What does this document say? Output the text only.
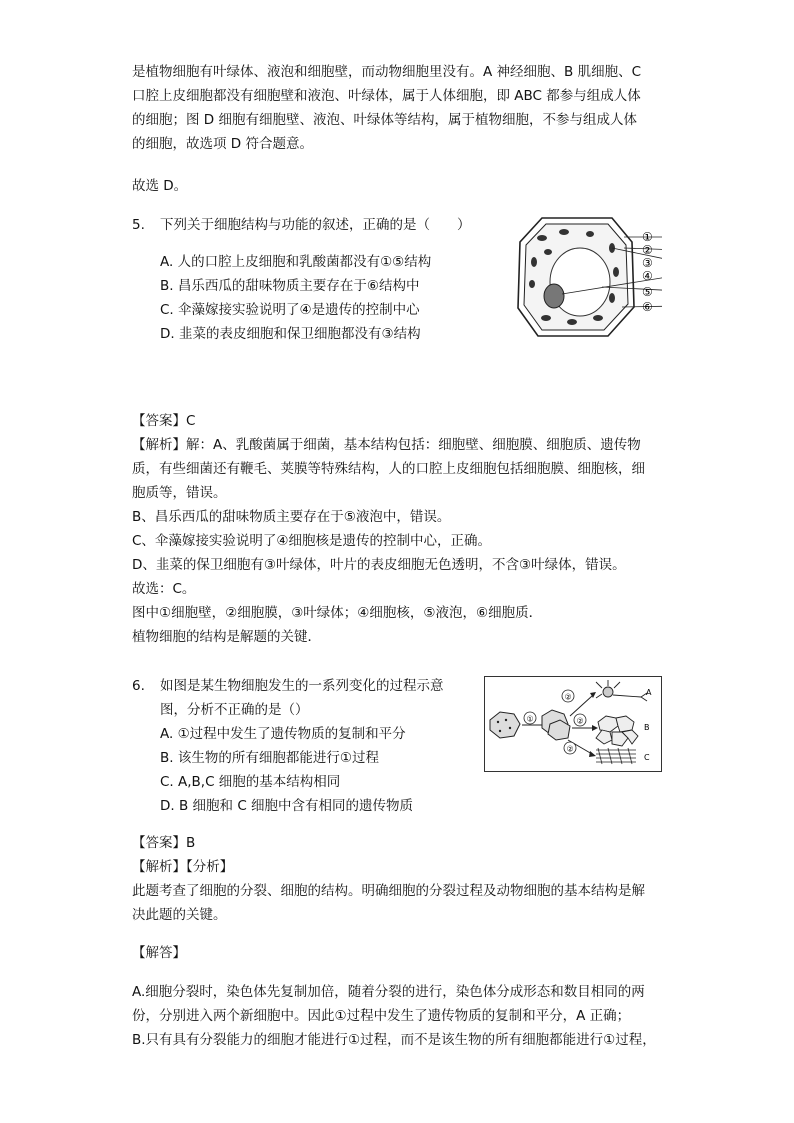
是植物细胞有叶绿体、液泡和细胞壁，而动物细胞里没有。A 神经细胞、B 肌细胞、C
口腔上皮细胞都没有细胞壁和液泡、叶绿体，属于人体细胞，即 ABC 都参与组成人体
的细胞；图 D 细胞有细胞壁、液泡、叶绿体等结构，属于植物细胞，不参与组成人体
的细胞，故选项 D 符合题意。
故选 D。
5. 下列关于细胞结构与功能的叙述，正确的是（　　）
A. 人的口腔上皮细胞和乳酸菌都没有①⑤结构
B. 昌乐西瓜的甜味物质主要存在于⑥结构中
C. 伞藻嫁接实验说明了④是遗传的控制中心
D. 韭菜的表皮细胞和保卫细胞都没有③结构
①
②
③
④
⑤
⑥
【答案】C
【解析】解：A、乳酸菌属于细菌，基本结构包括：细胞壁、细胞膜、细胞质、遗传物
质，有些细菌还有鞭毛、荚膜等特殊结构，人的口腔上皮细胞包括细胞膜、细胞核，细
胞质等，错误。
B、昌乐西瓜的甜味物质主要存在于⑤液泡中，错误。
C、伞藻嫁接实验说明了④细胞核是遗传的控制中心，正确。
D、韭菜的保卫细胞有③叶绿体，叶片的表皮细胞无色透明，不含③叶绿体，错误。
故选：C。
图中①细胞壁，②细胞膜，③叶绿体；④细胞核，⑤液泡，⑥细胞质．
植物细胞的结构是解题的关键．
6. 如图是某生物细胞发生的一系列变化的过程示意
图，分析不正确的是（）
A. ①过程中发生了遗传物质的复制和平分
B. 该生物的所有细胞都能进行①过程
C. A,B,C 细胞的基本结构相同
D. B 细胞和 C 细胞中含有相同的遗传物质
①
②
②
②
A
B
C
【答案】B
【解析】【分析】
此题考查了细胞的分裂、细胞的结构。明确细胞的分裂过程及动物细胞的基本结构是解
决此题的关键。
【解答】
A.细胞分裂时，染色体先复制加倍，随着分裂的进行，染色体分成形态和数目相同的两
份，分别进入两个新细胞中。因此①过程中发生了遗传物质的复制和平分，A 正确；
B.只有具有分裂能力的细胞才能进行①过程，而不是该生物的所有细胞都能进行①过程，
